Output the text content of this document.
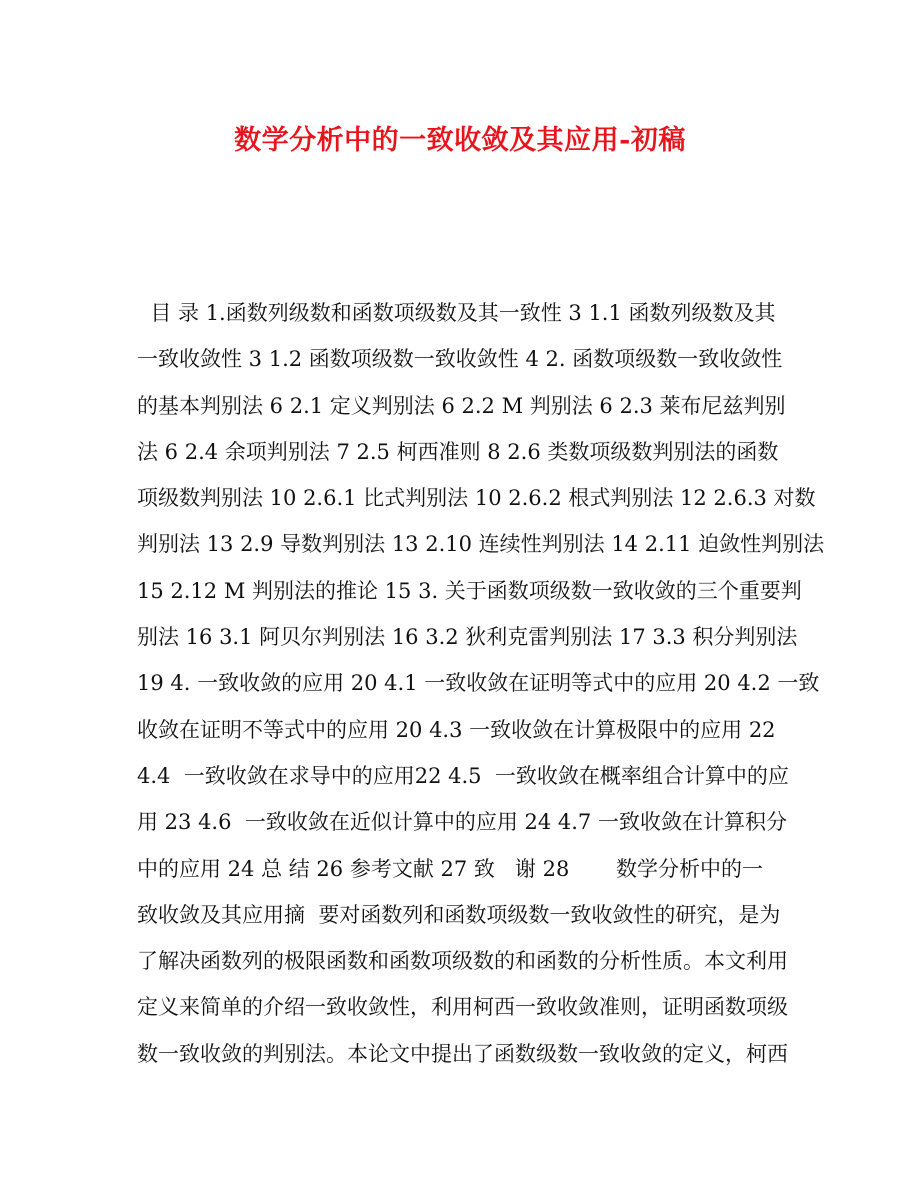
数学分析中的一致收敛及其应用-初稿
目 录 1.函数列级数和函数项级数及其一致性 3 1.1 函数列级数及其
一致收敛性 3 1.2 函数项级数一致收敛性 4 2. 函数项级数一致收敛性
的基本判别法 6 2.1 定义判别法 6 2.2 M 判别法 6 2.3 莱布尼兹判别
法 6 2.4 余项判别法 7 2.5 柯西准则 8 2.6 类数项级数判别法的函数
项级数判别法 10 2.6.1 比式判别法 10 2.6.2 根式判别法 12 2.6.3 对数
判别法 13 2.9 导数判别法 13 2.10 连续性判别法 14 2.11 迫敛性判别法
15 2.12 M 判别法的推论 15 3. 关于函数项级数一致收敛的三个重要判
别法 16 3.1 阿贝尔判别法 16 3.2 狄利克雷判别法 17 3.3 积分判别法
19 4. 一致收敛的应用 20 4.1 一致收敛在证明等式中的应用 20 4.2 一致
收敛在证明不等式中的应用 20 4.3 一致收敛在计算极限中的应用 22
4.4  一致收敛在求导中的应用22 4.5  一致收敛在概率组合计算中的应
用 23 4.6  一致收敛在近似计算中的应用 24 4.7 一致收敛在计算积分
中的应用 24 总 结 26 参考文献 27 致   谢 28       数学分析中的一
致收敛及其应用摘  要对函数列和函数项级数一致收敛性的研究，是为
了解决函数列的极限函数和函数项级数的和函数的分析性质。本文利用
定义来简单的介绍一致收敛性，利用柯西一致收敛准则，证明函数项级
数一致收敛的判别法。本论文中提出了函数级数一致收敛的定义，柯西
